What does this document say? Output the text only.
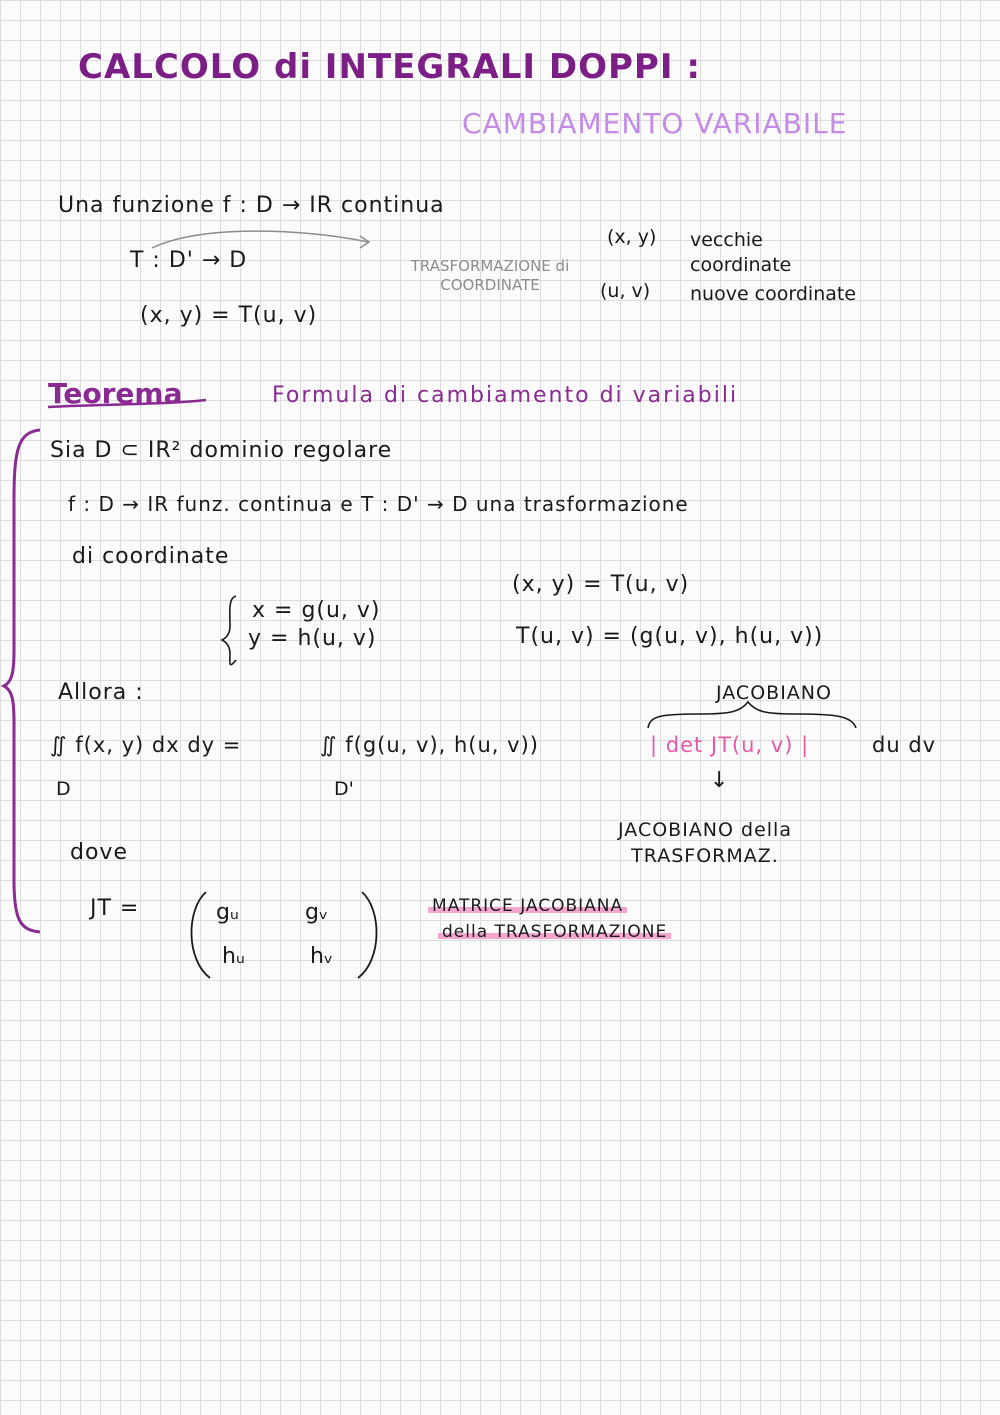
CALCOLO di INTEGRALI DOPPI :
CAMBIAMENTO VARIABILE
Una funzione f : D → IR continua
T : D' → D
(x, y) = T(u, v)
TRASFORMAZIONE di COORDINATE
(x, y) vecchie coordinate
(u, v) nuove coordinate
Teorema	Formula di cambiamento di variabili
Sia D ⊂ IR² dominio regolare
f : D → IR funz. continua e T : D' → D una trasformazione
di coordinate
x = g(u, v)
y = h(u, v)
(x, y) = T(u, v)
T(u, v) = (g(u, v), h(u, v))
Allora :	JACOBIANO
∬ f(x, y) dx dy =
D
∬ f(g(u, v), h(u, v))
D'
| det JT(u, v) |	du dv
↓
JACOBIANO della TRASFORMAZ.
dove
JT =	gᵤ	gᵥ
hᵤ	hᵥ
MATRICE JACOBIANA
della TRASFORMAZIONE
